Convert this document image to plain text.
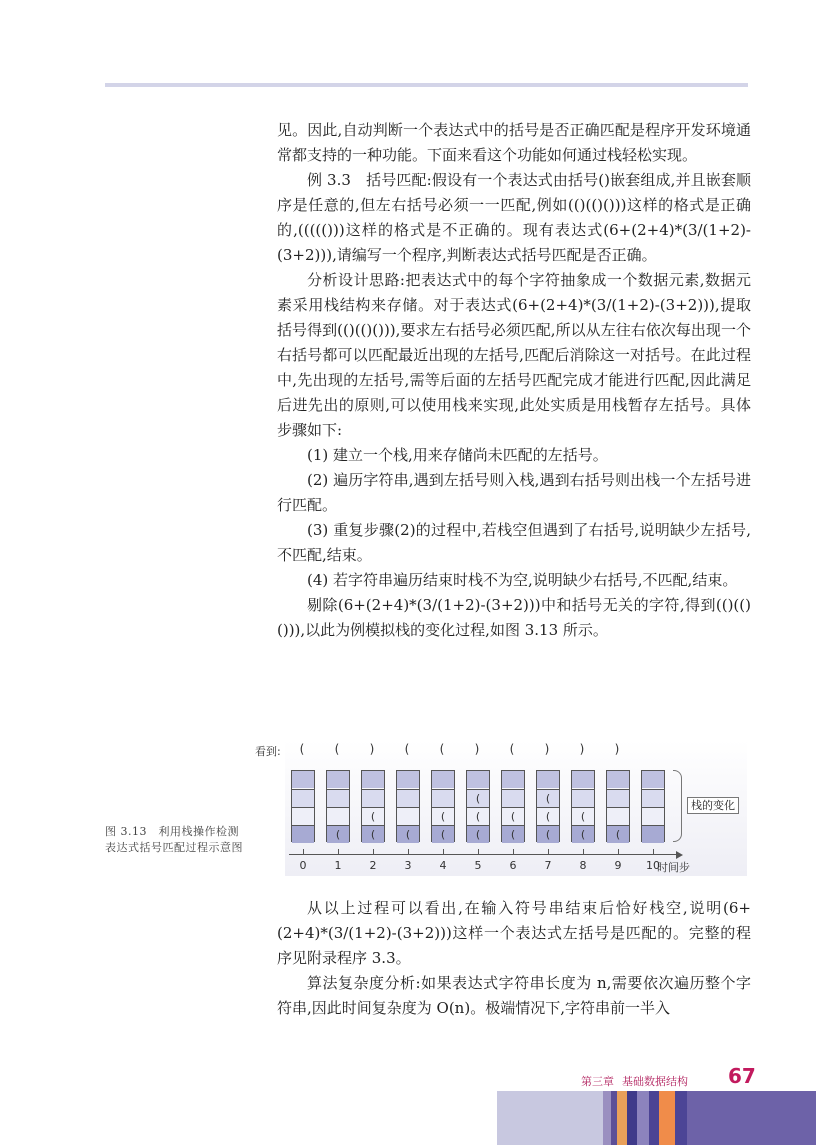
见。因此,自动判断一个表达式中的括号是否正确匹配是程序开发环境通常都支持的一种功能。下面来看这个功能如何通过栈轻松实现。

例 3.3　括号匹配:假设有一个表达式由括号()嵌套组成,并且嵌套顺序是任意的,但左右括号必须一一匹配,例如(()(()()))这样的格式是正确的,((((()))这样的格式是不正确的。现有表达式(6+(2+4)*(3/(1+2)-(3+2))),请编写一个程序,判断表达式括号匹配是否正确。

分析设计思路:把表达式中的每个字符抽象成一个数据元素,数据元素采用栈结构来存储。对于表达式(6+(2+4)*(3/(1+2)-(3+2))),提取括号得到(()(()())),要求左右括号必须匹配,所以从左往右依次每出现一个右括号都可以匹配最近出现的左括号,匹配后消除这一对括号。在此过程中,先出现的左括号,需等后面的左括号匹配完成才能进行匹配,因此满足后进先出的原则,可以使用栈来实现,此处实质是用栈暂存左括号。具体步骤如下:

(1) 建立一个栈,用来存储尚未匹配的左括号。

(2) 遍历字符串,遇到左括号则入栈,遇到右括号则出栈一个左括号进行匹配。

(3) 重复步骤(2)的过程中,若栈空但遇到了右括号,说明缺少左括号,不匹配,结束。

(4) 若字符串遍历结束时栈不为空,说明缺少右括号,不匹配,结束。

剔除(6+(2+4)*(3/(1+2)-(3+2)))中和括号无关的字符,得到(()(()())),以此为例模拟栈的变化过程,如图 3.13 所示。

看到:	(	(	)	(	(	)	(	)	)	)
(
(
(	(
(
(
(
(
(
(
(
(
(
(
(
(	(
栈的变化
0	1	2	3	4	5	6	7	8	9	10
时间步
图 3.13　利用栈操作检测表达式括号匹配过程示意图

从以上过程可以看出,在输入符号串结束后恰好栈空,说明(6+(2+4)*(3/(1+2)-(3+2)))这样一个表达式左括号是匹配的。完整的程序见附录程序 3.3。

算法复杂度分析:如果表达式字符串长度为 n,需要依次遍历整个字符串,因此时间复杂度为 O(n)。极端情况下,字符串前一半入

第三章 基础数据结构 67
